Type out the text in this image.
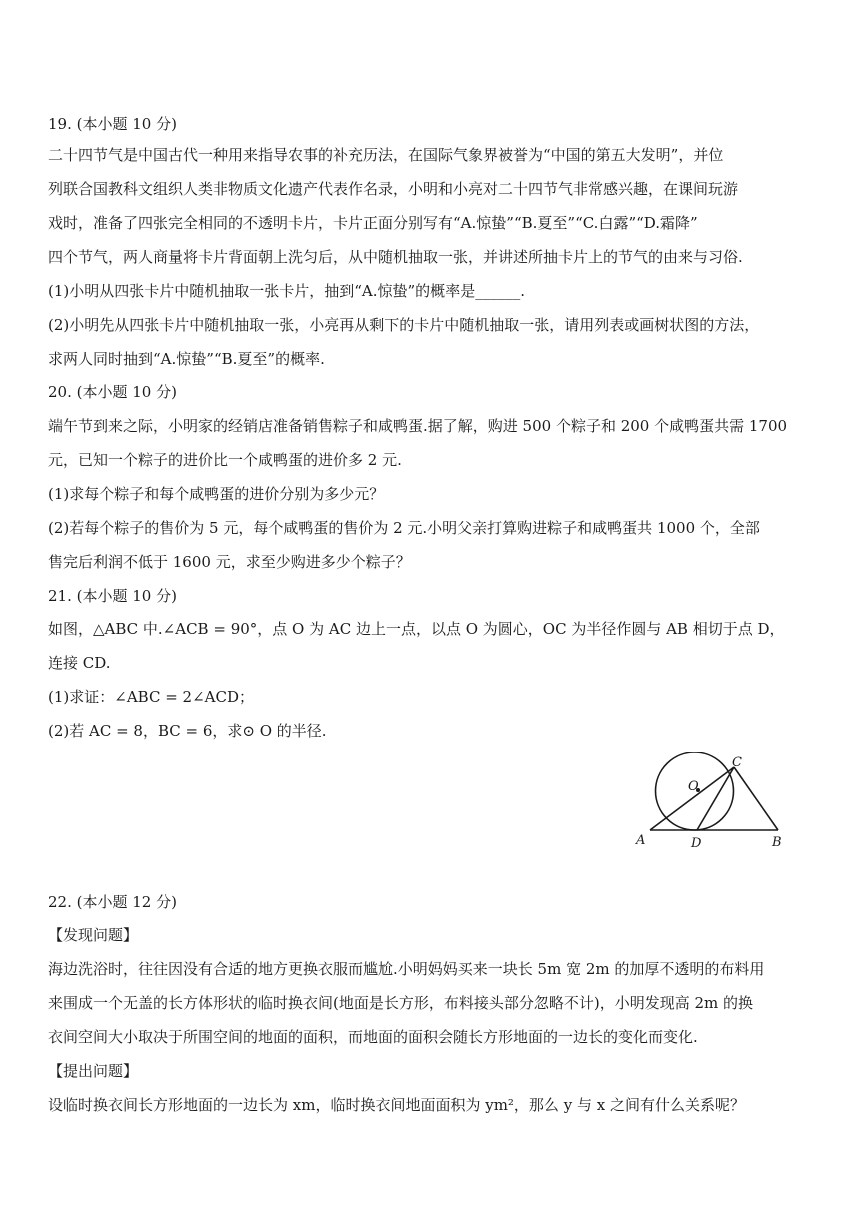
19. (本小题 10 分)
二十四节气是中国古代一种用来指导农事的补充历法，在国际气象界被誉为“中国的第五大发明”，并位
列联合国教科文组织人类非物质文化遗产代表作名录，小明和小亮对二十四节气非常感兴趣，在课间玩游
戏时，准备了四张完全相同的不透明卡片，卡片正面分别写有“A.惊蛰”“B.夏至”“C.白露”“D.霜降”
四个节气，两人商量将卡片背面朝上洗匀后，从中随机抽取一张，并讲述所抽卡片上的节气的由来与习俗.
(1)小明从四张卡片中随机抽取一张卡片，抽到“A.惊蛰”的概率是______.
(2)小明先从四张卡片中随机抽取一张，小亮再从剩下的卡片中随机抽取一张，请用列表或画树状图的方法，
求两人同时抽到“A.惊蛰”“B.夏至”的概率.
20. (本小题 10 分)
端午节到来之际，小明家的经销店准备销售粽子和咸鸭蛋.据了解，购进 500 个粽子和 200 个咸鸭蛋共需 1700
元，已知一个粽子的进价比一个咸鸭蛋的进价多 2 元.
(1)求每个粽子和每个咸鸭蛋的进价分别为多少元？
(2)若每个粽子的售价为 5 元，每个咸鸭蛋的售价为 2 元.小明父亲打算购进粽子和咸鸭蛋共 1000 个，全部
售完后利润不低于 1600 元，求至少购进多少个粽子？
21. (本小题 10 分)
如图，△ABC 中.∠ACB = 90°，点 O 为 AC 边上一点，以点 O 为圆心，OC 为半径作圆与 AB 相切于点 D，
连接 CD.
(1)求证：∠ABC = 2∠ACD；
(2)若 AC = 8，BC = 6，求⊙ O 的半径.
A	D	B
C
O
22. (本小题 12 分)
【发现问题】
海边洗浴时，往往因没有合适的地方更换衣服而尴尬.小明妈妈买来一块长 5m 宽 2m 的加厚不透明的布料用
来围成一个无盖的长方体形状的临时换衣间(地面是长方形，布料接头部分忽略不计)，小明发现高 2m 的换
衣间空间大小取决于所围空间的地面的面积，而地面的面积会随长方形地面的一边长的变化而变化.
【提出问题】
设临时换衣间长方形地面的一边长为 xm，临时换衣间地面面积为 ym²，那么 y 与 x 之间有什么关系呢？
